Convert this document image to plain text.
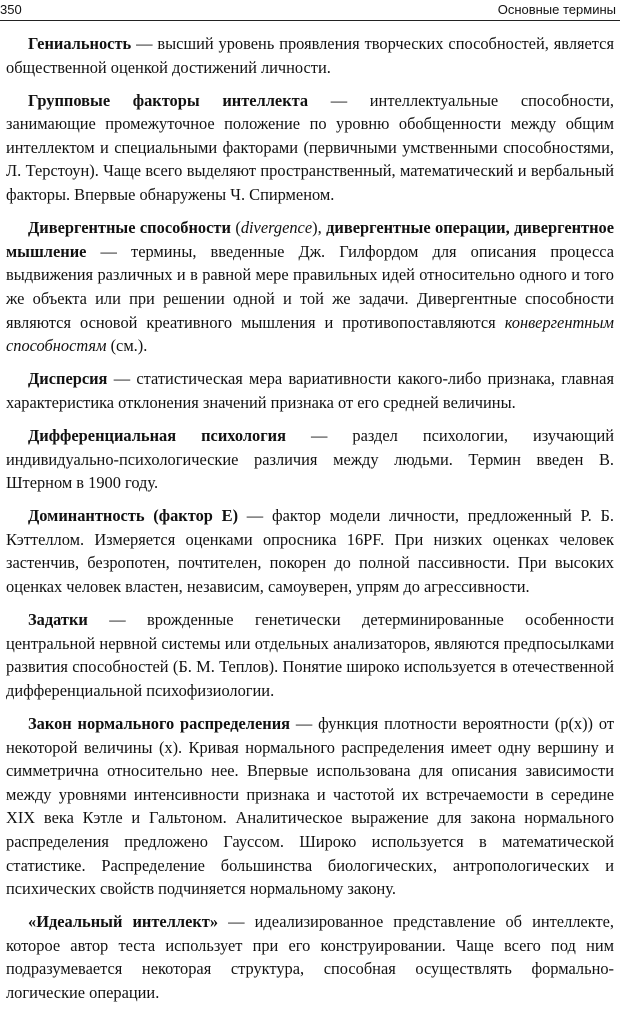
350	Основные термины

Гениальность — высший уровень проявления творческих способностей, является общественной оценкой достижений личности.

Групповые факторы интеллекта — интеллектуальные способности, занимающие промежуточное положение по уровню обобщенности между общим интеллектом и специальными факторами (первичными умственными способностями, Л. Терстоун). Чаще всего выделяют пространственный, математический и вербальный факторы. Впервые обнаружены Ч. Спирменом.

Дивергентные способности (divergence), дивергентные операции, дивергентное мышление — термины, введенные Дж. Гилфордом для описания процесса выдвижения различных и в равной мере правильных идей относительно одного и того же объекта или при решении одной и той же задачи. Дивергентные способности являются основой креативного мышления и противопоставляются конвергентным способностям (см.).

Дисперсия — статистическая мера вариативности какого-либо признака, главная характеристика отклонения значений признака от его средней величины.

Дифференциальная психология — раздел психологии, изучающий индивидуально-психологические различия между людьми. Термин введен В. Штерном в 1900 году.

Доминантность (фактор Е) — фактор модели личности, предложенный Р. Б. Кэттеллом. Измеряется оценками опросника 16PF. При низких оценках человек застенчив, безропотен, почтителен, покорен до полной пассивности. При высоких оценках человек властен, независим, самоуверен, упрям до агрессивности.

Задатки — врожденные генетически детерминированные особенности центральной нервной системы или отдельных анализаторов, являются предпосылками развития способностей (Б. М. Теплов). Понятие широко используется в отечественной дифференциальной психофизиологии.

Закон нормального распределения — функция плотности вероятности (p(x)) от некоторой величины (x). Кривая нормального распределения имеет одну вершину и симметрична относительно нее. Впервые использована для описания зависимости между уровнями интенсивности признака и частотой их встречаемости в середине XIX века Кэтле и Гальтоном. Аналитическое выражение для закона нормального распределения предложено Гауссом. Широко используется в математической статистике. Распределение большинства биологических, антропологических и психических свойств подчиняется нормальному закону.

«Идеальный интеллект» — идеализированное представление об интеллекте, которое автор теста использует при его конструировании. Чаще всего под ним подразумевается некоторая структура, способная осуществлять формально-логические операции.
